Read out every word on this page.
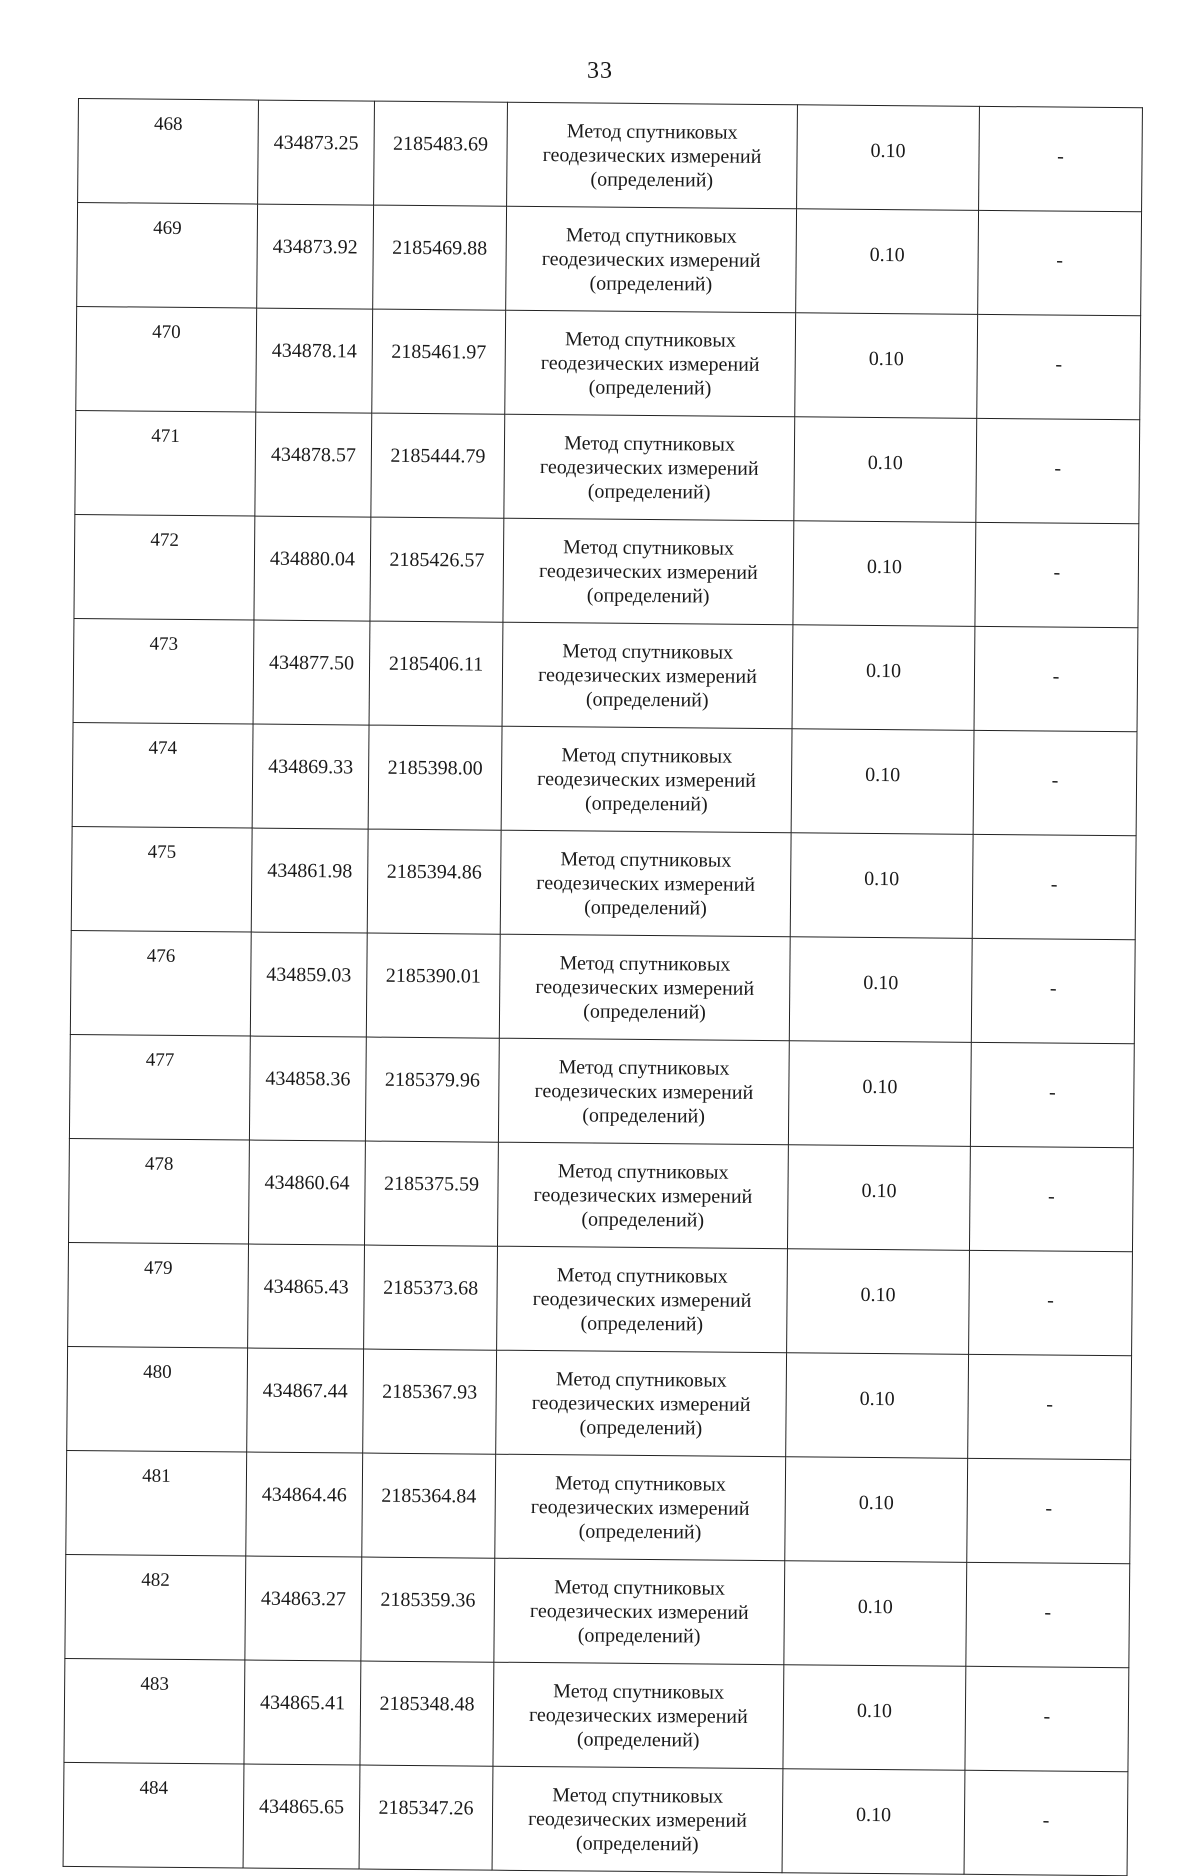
33
468	434873.25	2185483.69	Метод спутниковых
геодезических измерений
(определений)	0.10	-
469	434873.92	2185469.88	Метод спутниковых
геодезических измерений
(определений)	0.10	-
470	434878.14	2185461.97	Метод спутниковых
геодезических измерений
(определений)	0.10	-
471	434878.57	2185444.79	Метод спутниковых
геодезических измерений
(определений)	0.10	-
472	434880.04	2185426.57	Метод спутниковых
геодезических измерений
(определений)	0.10	-
473	434877.50	2185406.11	Метод спутниковых
геодезических измерений
(определений)	0.10	-
474	434869.33	2185398.00	Метод спутниковых
геодезических измерений
(определений)	0.10	-
475	434861.98	2185394.86	Метод спутниковых
геодезических измерений
(определений)	0.10	-
476	434859.03	2185390.01	Метод спутниковых
геодезических измерений
(определений)	0.10	-
477	434858.36	2185379.96	Метод спутниковых
геодезических измерений
(определений)	0.10	-
478	434860.64	2185375.59	Метод спутниковых
геодезических измерений
(определений)	0.10	-
479	434865.43	2185373.68	Метод спутниковых
геодезических измерений
(определений)	0.10	-
480	434867.44	2185367.93	Метод спутниковых
геодезических измерений
(определений)	0.10	-
481	434864.46	2185364.84	Метод спутниковых
геодезических измерений
(определений)	0.10	-
482	434863.27	2185359.36	Метод спутниковых
геодезических измерений
(определений)	0.10	-
483	434865.41	2185348.48	Метод спутниковых
геодезических измерений
(определений)	0.10	-
484	434865.65	2185347.26	Метод спутниковых
геодезических измерений
(определений)	0.10	-
